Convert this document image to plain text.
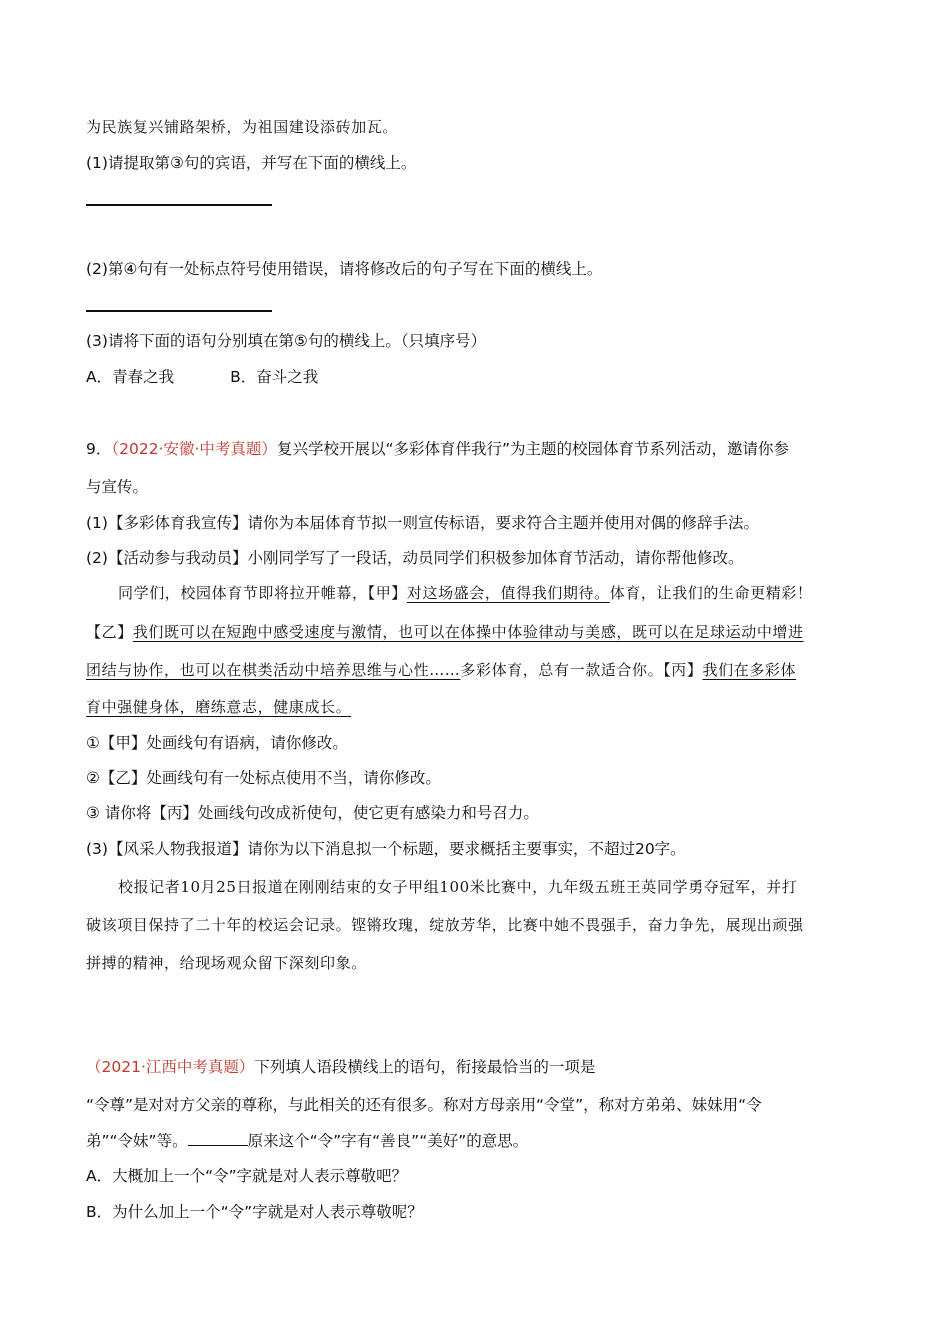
为民族复兴铺路架桥，为祖国建设添砖加瓦。
(1)请提取第③句的宾语，并写在下面的横线上。
(2)第④句有一处标点符号使用错误，请将修改后的句子写在下面的横线上。
(3)请将下面的语句分别填在第⑤句的横线上。（只填序号）
A．青春之我	B．奋斗之我
9．（2022·安徽·中考真题）复兴学校开展以“多彩体育伴我行”为主题的校园体育节系列活动，邀请你参
与宣传。
(1)【多彩体育我宣传】请你为本届体育节拟一则宣传标语，要求符合主题并使用对偶的修辞手法。
(2)【活动参与我动员】小刚同学写了一段话，动员同学们积极参加体育节活动，请你帮他修改。
同学们，校园体育节即将拉开帷幕，【甲】对这场盛会，值得我们期待。体育，让我们的生命更精彩！
【乙】我们既可以在短跑中感受速度与激情，也可以在体操中体验律动与美感，既可以在足球运动中增进
团结与协作，也可以在棋类活动中培养思维与心性……多彩体育，总有一款适合你。【丙】我们在多彩体
育中强健身体，磨练意志，健康成长。
①【甲】处画线句有语病，请你修改。
②【乙】处画线句有一处标点使用不当，请你修改。
③ 请你将【丙】处画线句改成祈使句，使它更有感染力和号召力。
(3)【风采人物我报道】请你为以下消息拟一个标题，要求概括主要事实，不超过20字。
校报记者10月25日报道在刚刚结束的女子甲组100米比赛中，九年级五班王英同学勇夺冠军，并打
破该项目保持了二十年的校运会记录。铿锵玫瑰，绽放芳华，比赛中她不畏强手，奋力争先，展现出顽强
拼搏的精神，给现场观众留下深刻印象。
（2021·江西中考真题）下列填人语段横线上的语句，衔接最恰当的一项是
“令尊”是对对方父亲的尊称，与此相关的还有很多。称对方母亲用“令堂”，称对方弟弟、妹妹用“令
弟”“令妹”等。	原来这个“令”字有“善良”“美好”的意思。
A．大概加上一个“令”字就是对人表示尊敬吧？
B．为什么加上一个“令”字就是对人表示尊敬呢？
